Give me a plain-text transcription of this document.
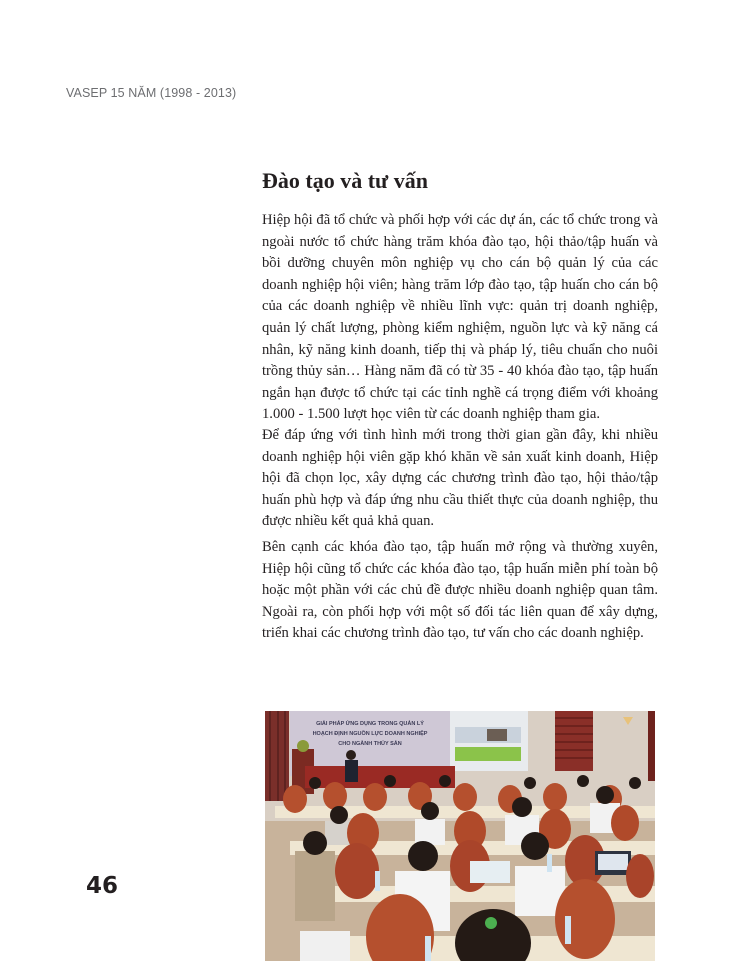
VASEP 15 NĂM (1998 - 2013)
Đào tạo và tư vấn

Hiệp hội đã tổ chức và phối hợp với các dự án, các tổ chức trong và ngoài nước tổ chức hàng trăm khóa đào tạo, hội thảo/tập huấn và bồi dưỡng chuyên môn nghiệp vụ cho cán bộ quản lý của các doanh nghiệp hội viên; hàng trăm lớp đào tạo, tập huấn cho cán bộ của các doanh nghiệp về nhiều lĩnh vực: quản trị doanh nghiệp, quản lý chất lượng, phòng kiểm nghiệm, nguồn lực và kỹ năng cá nhân, kỹ năng kinh doanh, tiếp thị và pháp lý, tiêu chuẩn cho nuôi trồng thủy sản… Hàng năm đã có từ 35 - 40 khóa đào tạo, tập huấn ngắn hạn được tổ chức tại các tỉnh nghề cá trọng điểm với khoảng 1.000 - 1.500 lượt học viên từ các doanh nghiệp tham gia.

Để đáp ứng với tình hình mới trong thời gian gần đây, khi nhiều doanh nghiệp hội viên gặp khó khăn về sản xuất kinh doanh, Hiệp hội đã chọn lọc, xây dựng các chương trình đào tạo, hội thảo/tập huấn phù hợp và đáp ứng nhu cầu thiết thực của doanh nghiệp, thu được nhiều kết quả khả quan.

Bên cạnh các khóa đào tạo, tập huấn mở rộng và thường xuyên, Hiệp hội cũng tổ chức các khóa đào tạo, tập huấn miễn phí toàn bộ hoặc một phần với các chủ đề được nhiều doanh nghiệp quan tâm. Ngoài ra, còn phối hợp với một số đối tác liên quan để xây dựng, triển khai các chương trình đào tạo, tư vấn cho các doanh nghiệp.

GIẢI PHÁP ỨNG DỤNG TRONG QUẢN LÝ
HOẠCH ĐỊNH NGUỒN LỰC DOANH NGHIỆP
CHO NGÀNH THỦY SẢN
46
